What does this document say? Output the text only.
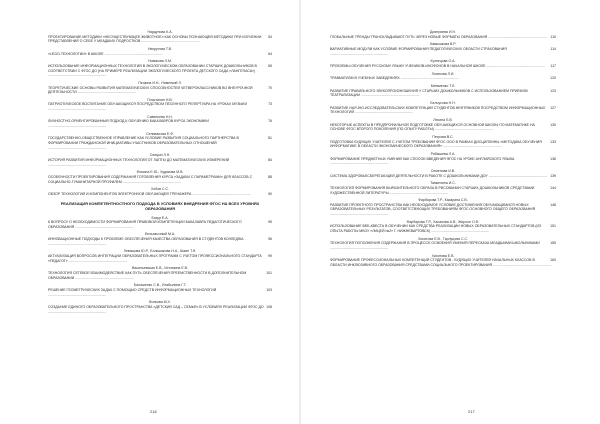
Нардунова К.А.
54
ПРОЕКТИРОВАНИЕ МЕТОДИКИ «НЕСУЩЕСТВУЮЩЕЕ ЖИВОТНОЕ» КАК ОСНОВЫ ПОЗНАЮЩЕЙ МЕТОДИКИ ПРИ ИЗУЧЕНИИ ПРЕДСТАВЛЕНИЙ О СЕБЕ У МЛАДШИХ ПОДРОСТКОВ ............................................................
Некрутова Т.В.
64
«LEGO-ТЕХНОЛОГИИ» В ШКОЛЕ ............................................................
Новикова Л.М.
65
ИСПОЛЬЗОВАНИЕ ИНФОРМАЦИОННЫХ ТЕХНОЛОГИЙ В ЭКОЛОГИЧЕСКОМ ОБРАЗОВАНИИ СТАРШИХ ДОШКОЛЬНИКОВ В СООТВЕТСТВИИ С ФГОС ДО (НА ПРИМЕРЕ РЕАЛИЗАЦИИ ЭКОЛОГИЧЕСКОГО ПРОЕКТА ДЕТСКОГО САДА «ЛАНГЕПАСА») ............................................................
Пешина И.Н., Нименкий Л.
70
ТЕОРЕТИЧЕСКИЕ ОСНОВЫ РАЗВИТИЯ МАТЕМАТИЧЕСКИХ СПОСОБНОСТЕЙ ЧЕТВЕРОКЛАССНИКОВ ВО ВНЕУРОЧНОЙ ДЕЯТЕЛЬНОСТИ ............................................................
Пластинин Н.В.
73
ПАТРИОТИЧЕСКОЕ ВОСПИТАНИЕ ОБУЧАЮЩИХСЯ ПОСРЕДСТВОМ ПЕСЕННОГО РЕПЕРТУАРА НА УРОКАХ МУЗЫКИ ............................................................
Савельева Н.Н.
76
ЛИЧНОСТНО-ОРИЕНТИРОВАННЫЙ ПОДХОД К ОБУЧЕНИЮ БАКАЛАВРОВ КУРСА ЭКОНОМИКИ ............................................................
Селиванова Е.Ф.
81
ГОСУДАРСТВЕННО-ОБЩЕСТВЕННОЕ УПРАВЛЕНИЕ КАК УСЛОВИЕ РАЗВИТИЯ СОЦИАЛЬНОГО ПАРТНЕРСТВА В ФОРМИРОВАНИИ ГРАЖДАНСКОЙ ИНИЦИАТИВЫ УЧАСТНИКОВ ОБРАЗОВАТЕЛЬНЫХ ОТНОШЕНИЙ ............................................................
Сницын Л.Н.
84
ИСТОРИЯ РАЗВИТИЯ ИНФОРМАЦИОННЫХ ТЕХНОЛОГИЙ ОТ ЛАПТЫ ДО МАТЕМАТИЧЕСКИХ ИЗМЕРЕНИЙ ............................................................
Фомина Е.Ю., Худякова М.В.
88
ОСОБЕННОСТИ ПРОЕКТИРОВАНИЯ СОДЕРЖАНИЯ ГОТОВЛЕНИЯ КУРСА «ЗАДАЧИ С ПАРАМЕТРАМИ» ДЛЯ КЛАССОВ С СОЦИАЛЬНО-ГУМАНИТАРНОЙ ПРОФИЛЕМ ............................................................
Хобов С.С.
90
ОБЗОР ТЕХНОЛОГИЙ И КОМПОНЕНТОВ ЭЛЕКТРОННОЙ ОБУЧАЮЩЕЙ ТРЕНАЖЕРА ............................................................
РЕАЛИЗАЦИЯ КОМПЕТЕНТНОСТНОГО ПОДХОДА В УСЛОВИЯХ ВНЕДРЕНИЯ ФГОС НА ВСЕХ УРОВНЯХ ОБРАЗОВАНИЯ
Базур Е.А.
95
К ВОПРОСУ О НЕОБХОДИМОСТИ ФОРМИРОВАНИЯ ПРАВОВОЙ КОМПЕТЕНЦИИ БАКАЛАВРА ПЕДАГОГИЧЕСКОГО ОБРАЗОВАНИЯ ............................................................
Безъязычный М.А.
96
ИННОВАЦИОННЫЕ ПОДХОДЫ К ПРОБЛЕМЕ ОБЕСПЕЧЕНИЯ КАЧЕСТВА ОБРАЗОВАНИЯ В СТУДЕНТОВ КОЛЛЕДЖА ............................................................
Левашова Ю.Р., Большакова Н.А., Шаин Т.Н.
99
АКТУАЛИЗАЦИЯ ВОПРОСОВ ИНТЕГРАЦИИ ОБРАЗОВАТЕЛЬНЫХ ПРОГРАММ С УЧЕТОМ ПРОФЕССИОНАЛЬНОГО СТАНДАРТА «ПЕДАГОГ» ............................................................
Васильевская Е.В., Истомина Е.В.
101
ТЕХНОЛОГИЯ СЕТЕВОЕ ВЗАИМОДЕЙСТВИЕ КАК ПУТЬ ОБЕСПЕЧЕНИЯ ПРЕЕМСТВЕННОСТИ В ДОПОЛНИТЕЛЬНОМ ОБРАЗОВАНИИ ............................................................
Балашенко С.В., Итабылина Г.Г.
103
РЕШЕНИЕ ГЕОМЕТРИЧЕСКИХ ЗАДАЧ С ПОМОЩЬЮ СРЕДСТВ ИНФОРМАЦИОННЫХ ТЕХНОЛОГИЙ ............................................................
Волкова М.Х.
108
СОЗДАНИЕ ЕДИНОГО ОБРАЗОВАТЕЛЬНОГО ПРОСТРАНСТВА «ДЕТСКИЙ САД – СЕМЬЯ» В УСЛОВИЯХ РЕАЛИЗАЦИИ ФГОС ДО ............................................................
216
Дмитриева И.Н.
110
ГЛОБАЛЬНЫЕ ТРЕНДЫ ТРАНСКЛАДЫВАЮТ ПУТЬ ЧЕРЕЗ НОВЫЕ ФОРМАТЫ ОБРАЗОВАНИЯ ............................................................
Камышкова В.Р.
114
ВАРИАТИВНЫЕ МОДУЛИ КАК УСЛОВИЕ ФОРМИРОВАНИЯ ПЕДАГОГИЧЕСКИХ ОБЛАСТИ СТРАХОВАНИЯ ............................................................
Кузнецова О.А.
117
ПРОБЛЕМЫ ОБУЧЕНИЯ РУССКОМУ ЯЗЫКУ УЧЕНИКОВ-ИНОФОНОВ В НАЧАЛЬНОЙ ШКОЛЕ ............................................................
Логинова Л.И.
120
ТРАВМАТИЗМ В УЧЕБНЫХ ЗАВЕДЕНИЯХ ............................................................
Матвиенко Т.Л.
123
РАЗВИТИЕ ПРАВИЛЬНОГО ЗВУКОПРОИЗНОШЕНИЯ У СТАРШИХ ДОШКОЛЬНИКОВ С ИСПОЛЬЗОВАНИЕМ ПРИЕМОВ ТЕАТРАЛИЗАЦИИ ............................................................
Белоусова Н.Н.
127
РАЗВИТИЕ НАУЧНО-ИССЛЕДОВАТЕЛЬСКИХ КОМПЕТЕНЦИЙ СТУДЕНТОВ НЕФТЯНИКОВ ПОСРЕДСТВОМ ИНФОРМАЦИОННЫХ ТЕХНОЛОГИЙ ............................................................
Лесина Е.В.
130
НЕКОТОРЫЕ АСПЕКТЫ В ПРЕДПРОФИЛЬНОЙ ПОДГОТОВКЕ ОБУЧАЮЩИХСЯ ОСНОВНОЙ ШКОЛЫ ПО МАТЕМАТИКЕ НА ОСНОВЕ ФГОС ВТОРОГО ПОКОЛЕНИЯ (ПО ОПЫТУ РАБОТЫ) ............................................................
Петрова В.С.
133
ПОДГОТОВКА БУДУЩИХ УЧИТЕЛЕЙ С УЧЕТОМ ТРЕБОВАНИЙ ФГОС ООО В РАМКАХ ДИСЦИПЛИНЫ «МЕТОДИКА ОБУЧЕНИЯ ИНФОРМАТИКЕ В ОБЛАСТИ ЭКОНОМИЧЕСКОГО ОБРАЗОВАНИЯ» ............................................................
Рябышева Л.А.
136
ФОРМИРОВАНИЕ ПРЕДМЕТНЫХ УМЕНИЙ КАК СПОСОБ ВВЕДЕНИЯ ФГОС НА УРОКЕ АНГЛИЙСКОГО ЯЗЫКА ............................................................
Семенова И.В.
139
СИСТЕМА ЗДОРОВЬЕСБЕРЕГАЮЩЕЙ ДЕЯТЕЛЬНОСТИ В РАБОТЕ С ДОШКОЛЬНИКАМИ ДОУ ............................................................
Тамкелина И.С.
144
ТЕХНОЛОГИЯ ФОРМИРОВАНИЯ ВЫРАЗИТЕЛЬНОГО ОБРАЗА В РИСОВАНИИ СТАРШИХ ДОШКОЛЬНИКОВ СРЕДСТВАМИ ХУДОЖЕСТВЕННОЙ ЛИТЕРАТУРЫ ............................................................
Фарбарова Т.Р., Казарина С.В.
148
РАЗВИТИЕ ПРОЕКТНОГО ПРОСТРАНСТВА КАК НЕОБХОДИМОЕ УСЛОВИЕ ДОСТИЖЕНИЯ ОБУЧАЮЩИМИСЯ НОВЫХ ОБРАЗОВАТЕЛЬНЫХ РЕЗУЛЬТАТОВ, СООТВЕТСТВУЮЩИХ ТРЕБОВАНИЯМ ФГОС ОСНОВНОГО ОБЩЕГО ОБРАЗОВАНИЯ ............................................................
Фарбарова Т.Р., Хасанова А.В., Жирсон О.Ф.
151
ИСПОЛЬЗОВАНИЕ ВЕБ-КВЕСТА В ОБУЧЕНИИ КАК СРЕДСТВА РЕАЛИЗАЦИИ НОВЫХ ОБРАЗОВАТЕЛЬНЫХ СТАНДАРТОВ (ИЗ ОПЫТА РАБОТЫ МБОУ «ЛИЦЕЙ №2» Г. НИЖНЕВАРТОВСК) ............................................................
Хисятова Е.В., Тарлуцова С.С.
155
ТЕХНОЛОГИЯ ПОПОЛНЕНИЯ СОДЕРЖАНИЯ В ПРОЦЕССЕ ОСВОЕНИЯ УМЕНИЯ ПЕРЕСКАЗА МЛАДШИМИ ШКОЛЬНИКАМИ ............................................................
Хисятова Е.В.
160
ФОРМИРОВАНИЕ ПРОФЕССИОНАЛЬНЫХ КОМПЕТЕНЦИЙ СТУДЕНТОВ - БУДУЩИХ УЧИТЕЛЕЙ НАЧАЛЬНЫХ КЛАССОВ В ОБЛАСТИ ИНКЛЮЗИВНОГО ОБРАЗОВАНИЯ СРЕДСТВАМИ СОЦИАЛЬНОГО ПРОЕКТИРОВАНИЯ ............................................................
217
